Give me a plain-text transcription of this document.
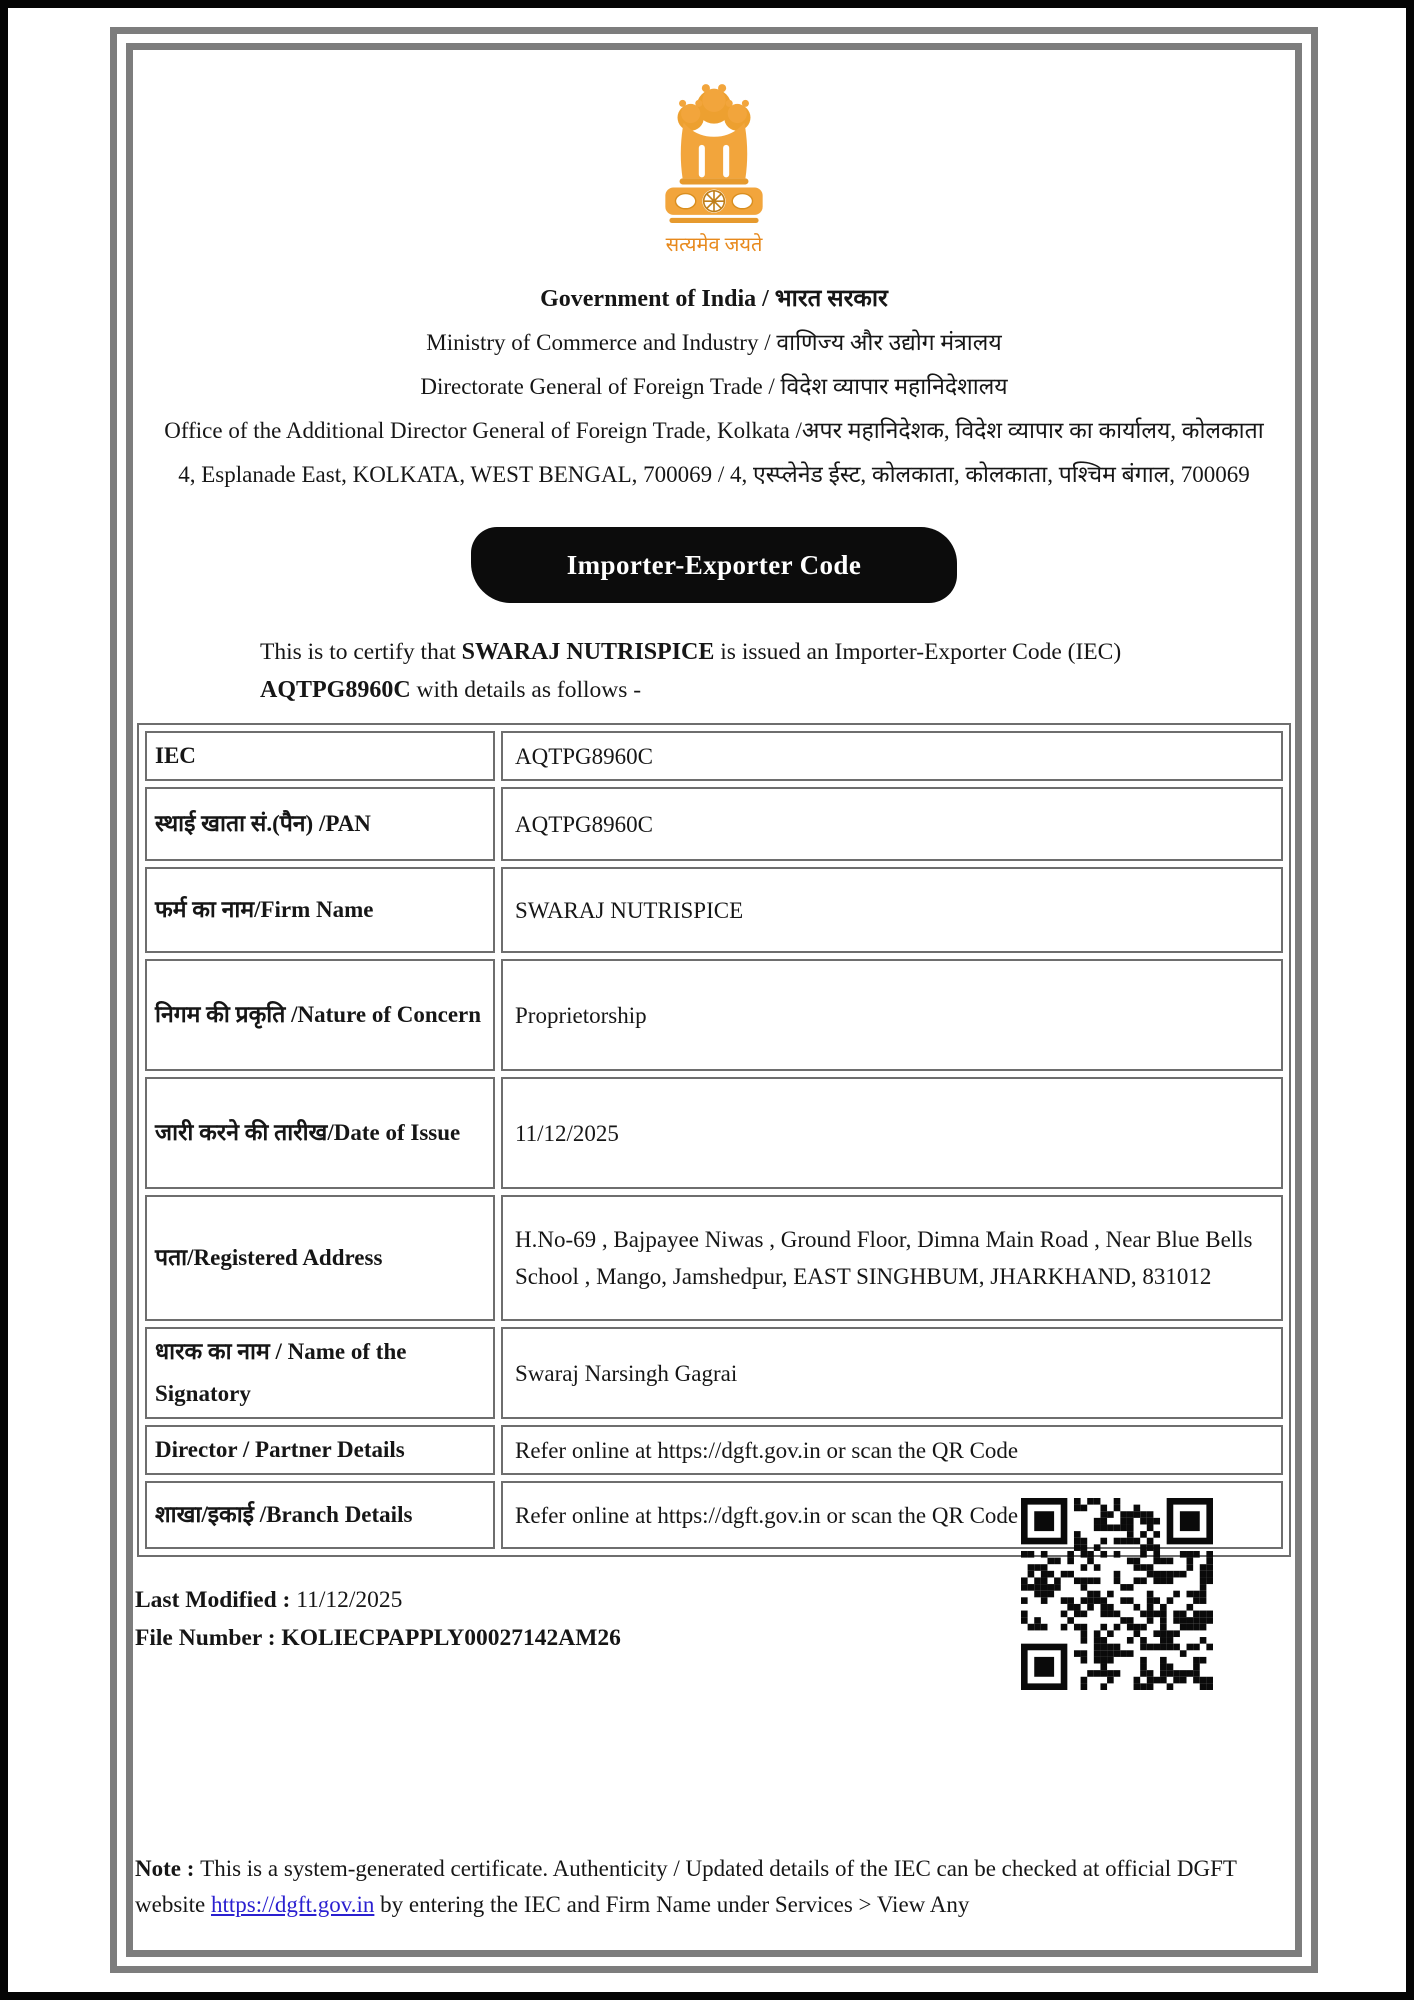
सत्यमेव जयते
Government of India / भारत सरकार
Ministry of Commerce and Industry / वाणिज्य और उद्योग मंत्रालय
Directorate General of Foreign Trade / विदेश व्यापार महानिदेशालय
Office of the Additional Director General of Foreign Trade, Kolkata /अपर महानिदेशक, विदेश व्यापार का कार्यालय, कोलकाता
4, Esplanade East, KOLKATA, WEST BENGAL, 700069 / 4, एस्प्लेनेड ईस्ट, कोलकाता, कोलकाता, पश्चिम बंगाल, 700069
Importer-Exporter Code

This is to certify that SWARAJ NUTRISPICE is issued an Importer-Exporter Code (IEC) AQTPG8960C with details as follows -

IEC	AQTPG8960C
स्थाई खाता सं.(पैन) /PAN	AQTPG8960C
फर्म का नाम/Firm Name	SWARAJ NUTRISPICE
निगम की प्रकृति /Nature of Concern	Proprietorship
जारी करने की तारीख/Date of Issue	11/12/2025
पता/Registered Address	H.No-69 , Bajpayee Niwas , Ground Floor, Dimna Main Road , Near Blue Bells School , Mango, Jamshedpur, EAST SINGHBUM, JHARKHAND, 831012
धारक का नाम / Name of the Signatory	Swaraj Narsingh Gagrai
Director / Partner Details	Refer online at https://dgft.gov.in or scan the QR Code
शाखा/इकाई /Branch Details	Refer online at https://dgft.gov.in or scan the QR Code
Last Modified : 11/12/2025
File Number : KOLIECPAPPLY00027142AM26

Note : This is a system-generated certificate. Authenticity / Updated details of the IEC can be checked at official DGFT website https://dgft.gov.in by entering the IEC and Firm Name under Services > View Any
